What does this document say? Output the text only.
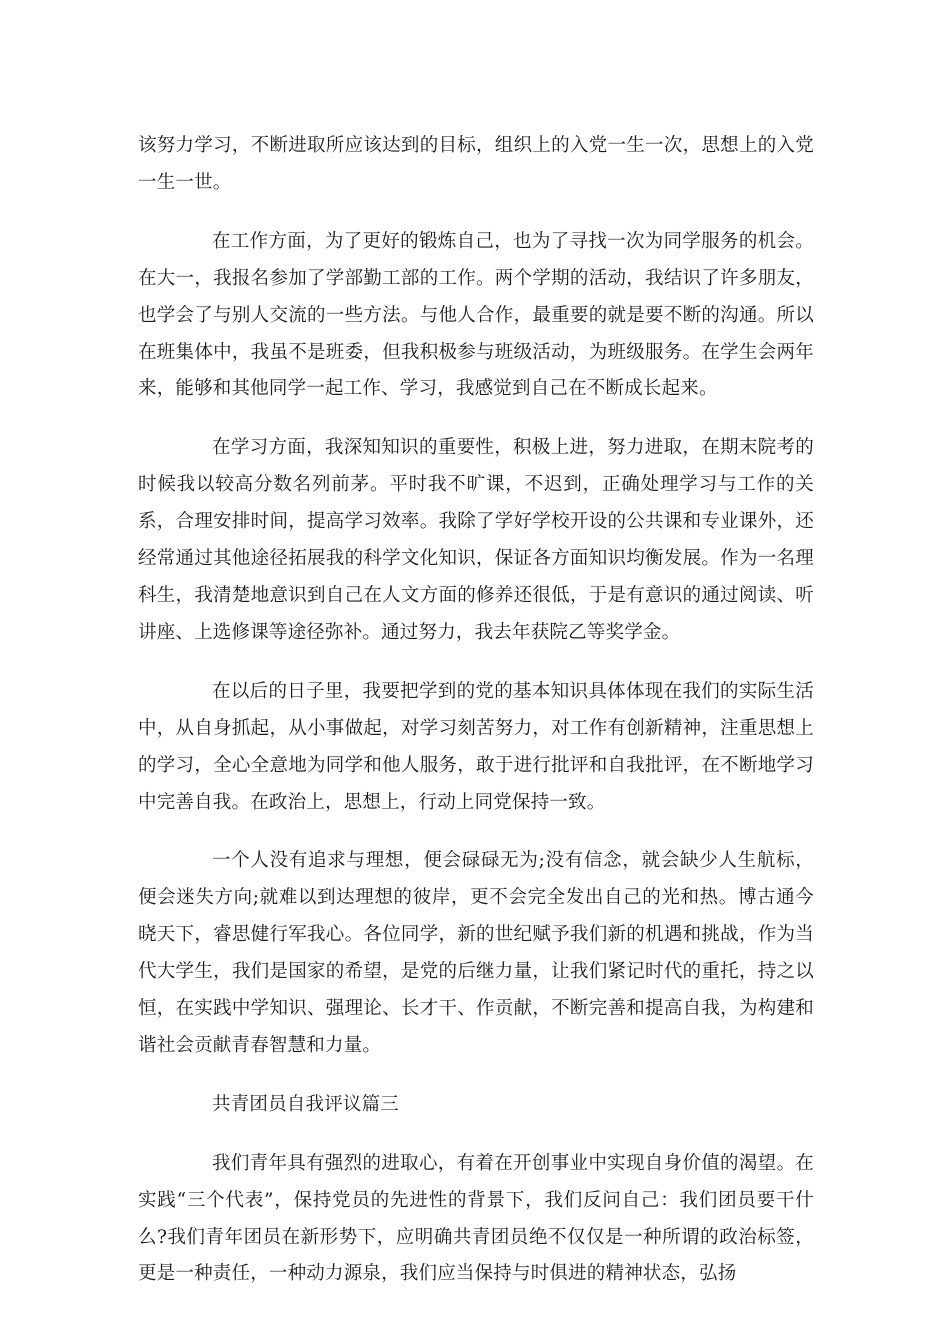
该努力学习，不断进取所应该达到的目标，组织上的入党一生一次，思想上的入党一生一世。

在工作方面，为了更好的锻炼自己，也为了寻找一次为同学服务的机会。在大一，我报名参加了学部勤工部的工作。两个学期的活动，我结识了许多朋友，也学会了与别人交流的一些方法。与他人合作，最重要的就是要不断的沟通。所以在班集体中，我虽不是班委，但我积极参与班级活动，为班级服务。在学生会两年来，能够和其他同学一起工作、学习，我感觉到自己在不断成长起来。

在学习方面，我深知知识的重要性，积极上进，努力进取，在期末院考的时候我以较高分数名列前茅。平时我不旷课，不迟到，正确处理学习与工作的关系，合理安排时间，提高学习效率。我除了学好学校开设的公共课和专业课外，还经常通过其他途径拓展我的科学文化知识，保证各方面知识均衡发展。作为一名理科生，我清楚地意识到自己在人文方面的修养还很低，于是有意识的通过阅读、听讲座、上选修课等途径弥补。通过努力，我去年获院乙等奖学金。

在以后的日子里，我要把学到的党的基本知识具体体现在我们的实际生活中，从自身抓起，从小事做起，对学习刻苦努力，对工作有创新精神，注重思想上的学习，全心全意地为同学和他人服务，敢于进行批评和自我批评，在不断地学习中完善自我。在政治上，思想上，行动上同党保持一致。

一个人没有追求与理想，便会碌碌无为;没有信念，就会缺少人生航标，便会迷失方向;就难以到达理想的彼岸，更不会完全发出自己的光和热。博古通今晓天下，睿思健行军我心。各位同学，新的世纪赋予我们新的机遇和挑战，作为当代大学生，我们是国家的希望，是党的后继力量，让我们紧记时代的重托，持之以恒，在实践中学知识、强理论、长才干、作贡献，不断完善和提高自我，为构建和谐社会贡献青春智慧和力量。

共青团员自我评议篇三

我们青年具有强烈的进取心，有着在开创事业中实现自身价值的渴望。在实践“三个代表”，保持党员的先进性的背景下，我们反问自己：我们团员要干什么?我们青年团员在新形势下，应明确共青团员绝不仅仅是一种所谓的政治标签，更是一种责任，一种动力源泉，我们应当保持与时俱进的精神状态，弘扬
